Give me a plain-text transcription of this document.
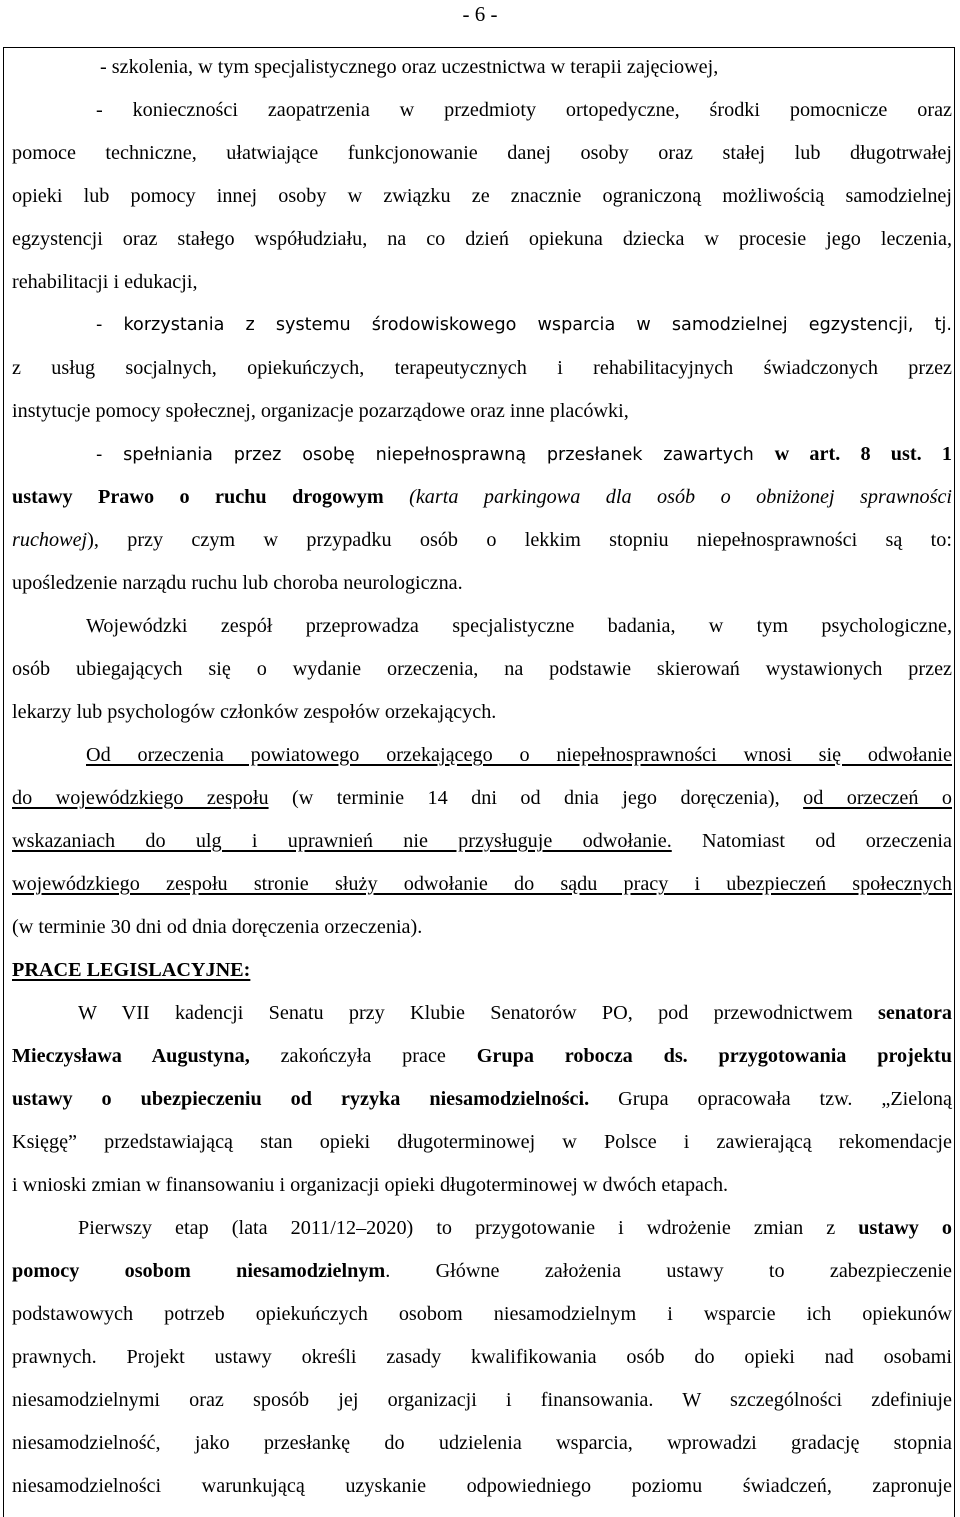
- 6 -
- szkolenia, w tym specjalistycznego oraz uczestnictwa w terapii zajęciowej,
- konieczności zaopatrzenia w przedmioty ortopedyczne, środki pomocnicze oraz
pomoce techniczne, ułatwiające funkcjonowanie danej osoby oraz stałej lub długotrwałej
opieki lub pomocy innej osoby w związku ze znacznie ograniczoną możliwością samodzielnej
egzystencji oraz stałego współudziału, na co dzień opiekuna dziecka w procesie jego leczenia,
rehabilitacji i edukacji,
- korzystania z systemu środowiskowego wsparcia w samodzielnej egzystencji, tj.
z usług socjalnych, opiekuńczych, terapeutycznych i rehabilitacyjnych świadczonych przez
instytucje pomocy społecznej, organizacje pozarządowe oraz inne placówki,
- spełniania przez osobę niepełnosprawną przesłanek zawartych w art. 8 ust. 1
ustawy Prawo o ruchu drogowym (karta parkingowa dla osób o obniżonej sprawności
ruchowej), przy czym w przypadku osób o lekkim stopniu niepełnosprawności są to:
upośledzenie narządu ruchu lub choroba neurologiczna.
Wojewódzki zespół przeprowadza specjalistyczne badania, w tym psychologiczne,
osób ubiegających się o wydanie orzeczenia, na podstawie skierowań wystawionych przez
lekarzy lub psychologów członków zespołów orzekających.
Od orzeczenia powiatowego orzekającego o niepełnosprawności wnosi się odwołanie
do wojewódzkiego zespołu (w terminie 14 dni od dnia jego doręczenia), od orzeczeń o
wskazaniach do ulg i uprawnień nie przysługuje odwołanie. Natomiast od orzeczenia
wojewódzkiego zespołu stronie służy odwołanie do sądu pracy i ubezpieczeń społecznych
(w terminie 30 dni od dnia doręczenia orzeczenia).
PRACE LEGISLACYJNE:
W VII kadencji Senatu przy Klubie Senatorów PO, pod przewodnictwem senatora
Mieczysława Augustyna, zakończyła prace Grupa robocza ds. przygotowania projektu
ustawy o ubezpieczeniu od ryzyka niesamodzielności. Grupa opracowała tzw. „Zieloną
Księgę” przedstawiającą stan opieki długoterminowej w Polsce i zawierającą rekomendacje
i wnioski zmian w finansowaniu i organizacji opieki długoterminowej w dwóch etapach.
Pierwszy etap (lata 2011/12–2020) to przygotowanie i wdrożenie zmian z ustawy o
pomocy osobom niesamodzielnym. Główne założenia ustawy to zabezpieczenie
podstawowych potrzeb opiekuńczych osobom niesamodzielnym i wsparcie ich opiekunów
prawnych. Projekt ustawy określi zasady kwalifikowania osób do opieki nad osobami
niesamodzielnymi oraz sposób jej organizacji i finansowania. W szczególności zdefiniuje
niesamodzielność, jako przesłankę do udzielenia wsparcia, wprowadzi gradację stopnia
niesamodzielności warunkującą uzyskanie odpowiedniego poziomu świadczeń, zapronuje
